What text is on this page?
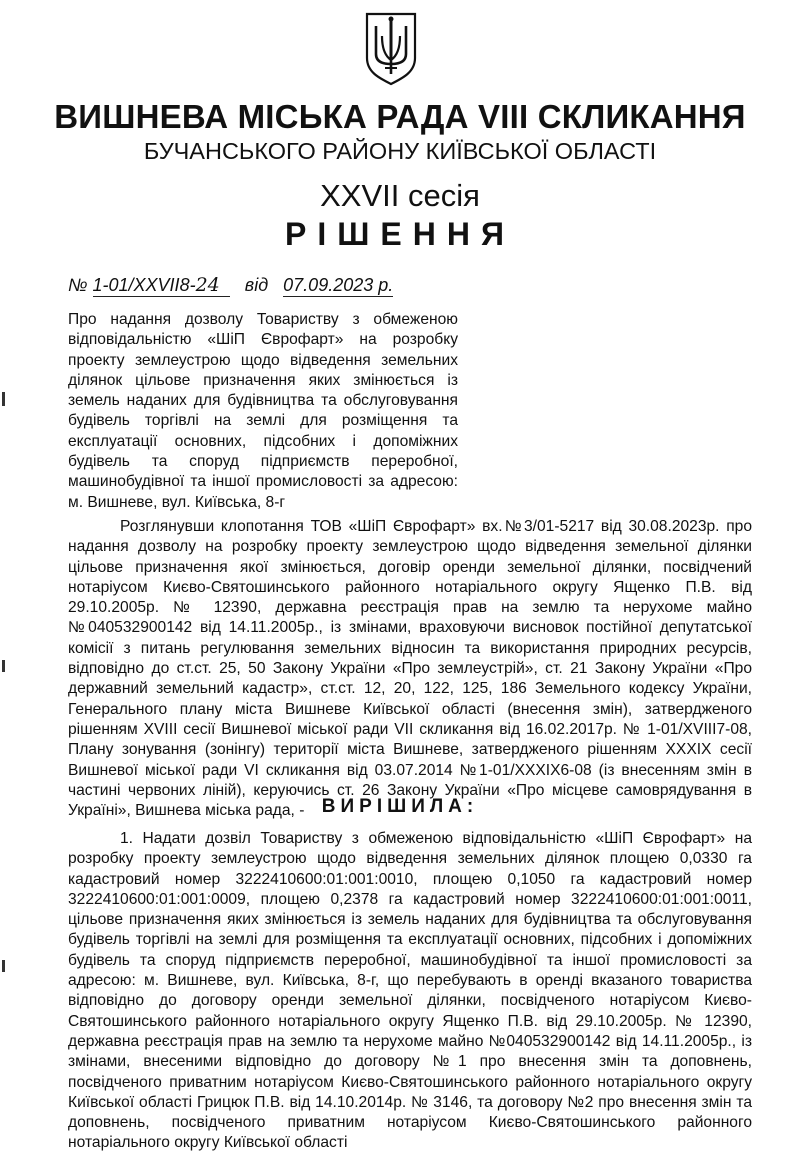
ВИШНЕВА МІСЬКА РАДА VIII СКЛИКАННЯ
БУЧАНСЬКОГО РАЙОНУ КИЇВСЬКОЇ ОБЛАСТІ
XXVII сесія
РІШЕННЯ
№ 1-01/XXVII8-24 від 07.09.2023 р.
Про надання дозволу Товариству з обмеженою відповідальністю «ШіП Єврофарт» на розробку проекту землеустрою щодо відведення земельних ділянок цільове призначення яких змінюється із земель наданих для будівництва та обслуговування будівель торгівлі на землі для розміщення та експлуатації основних, підсобних і допоміжних будівель та споруд підприємств переробної, машинобудівної та іншої промисловості за адресою: м. Вишневе, вул. Київська, 8-г
Розглянувши клопотання ТОВ «ШіП Єврофарт» вх.№3/01-5217 від 30.08.2023р. про надання дозволу на розробку проекту землеустрою щодо відведення земельної ділянки цільове призначення якої змінюється, договір оренди земельної ділянки, посвідчений нотаріусом Києво-Святошинського районного нотаріального округу Ященко П.В. від 29.10.2005р. № 12390, державна реєстрація прав на землю та нерухоме майно №040532900142 від 14.11.2005р., із змінами, враховуючи висновок постійної депутатської комісії з питань регулювання земельних відносин та використання природних ресурсів, відповідно до ст.ст. 25, 50 Закону України «Про землеустрій», ст. 21 Закону України «Про державний земельний кадастр», ст.ст. 12, 20, 122, 125, 186 Земельного кодексу України, Генерального плану міста Вишневе Київської області (внесення змін), затвердженого рішенням XVIII сесії Вишневої міської ради VII скликання від 16.02.2017р. № 1-01/XVIII7-08, Плану зонування (зонінгу) території міста Вишневе, затвердженого рішенням XXXIX сесії Вишневої міської ради VI скликання від 03.07.2014 №1-01/XXXIX6-08 (із внесенням змін в частині червоних ліній), керуючись ст. 26 Закону України «Про місцеве самоврядування в Україні», Вишнева міська рада, - ВИРІШИЛА:
1. Надати дозвіл Товариству з обмеженою відповідальністю «ШіП Єврофарт» на розробку проекту землеустрою щодо відведення земельних ділянок площею 0,0330 га кадастровий номер 3222410600:01:001:0010, площею 0,1050 га кадастровий номер 3222410600:01:001:0009, площею 0,2378 га кадастровий номер 3222410600:01:001:0011, цільове призначення яких змінюється із земель наданих для будівництва та обслуговування будівель торгівлі на землі для розміщення та експлуатації основних, підсобних і допоміжних будівель та споруд підприємств переробної, машинобудівної та іншої промисловості за адресою: м. Вишневе, вул. Київська, 8-г, що перебувають в оренді вказаного товариства відповідно до договору оренди земельної ділянки, посвідченого нотаріусом Києво-Святошинського районного нотаріального округу Ященко П.В. від 29.10.2005р. № 12390, державна реєстрація прав на землю та нерухоме майно №040532900142 від 14.11.2005р., із змінами, внесеними відповідно до договору №1 про внесення змін та доповнень, посвідченого приватним нотаріусом Києво-Святошинського районного нотаріального округу Київської області Грицюк П.В. від 14.10.2014р. № 3146, та договору №2 про внесення змін та доповнень, посвідченого приватним нотаріусом Києво-Святошинського районного нотаріального округу Київської області
